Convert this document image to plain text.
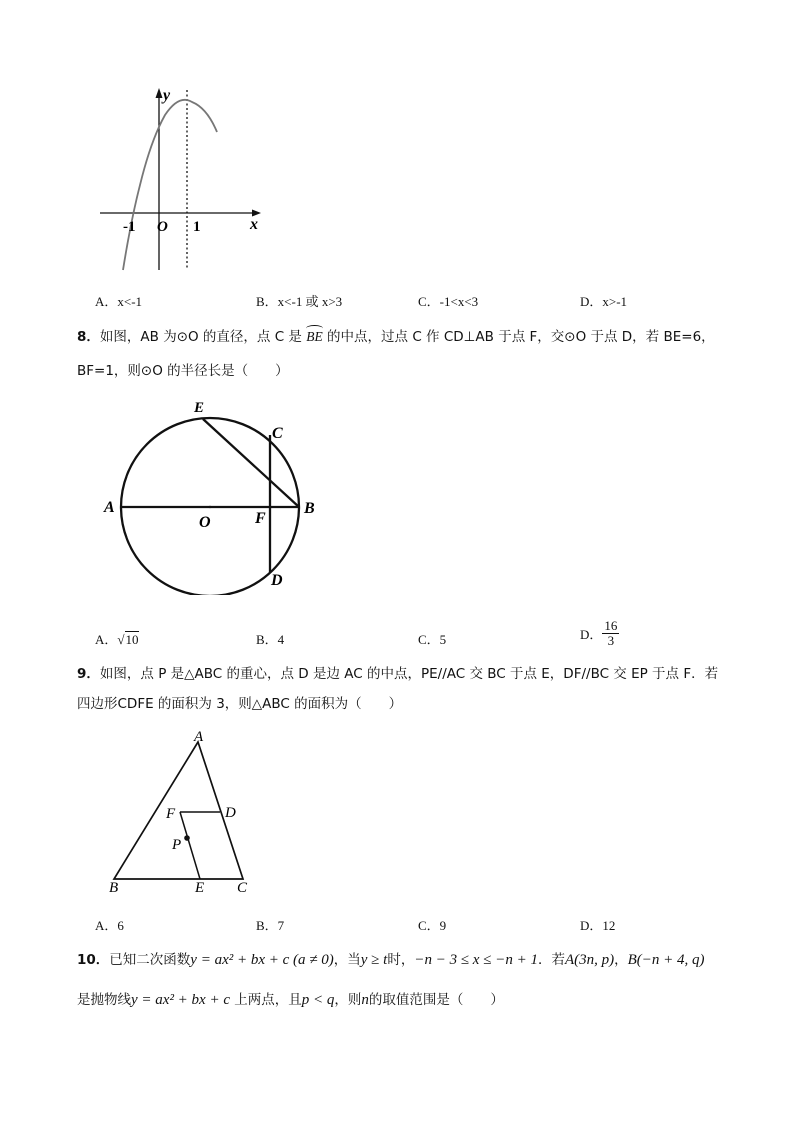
y
x
O
-1	1
A．x<-1	B．x<-1 或 x>3	C．-1<x<3	D．x>-1
8．如图，AB 为⊙O 的直径，点 C 是 BE 的中点，过点 C 作 CD⊥AB 于点 F，交⊙O 于点 D，若 BE=6，
BF=1，则⊙O 的半径长是（　　）
E
C
A
O	F
B
D
A．√10	B．4	C．5	D． $\frac{16}{3}$
9．如图，点 P 是△ABC 的重心，点 D 是边 AC 的中点，PE//AC 交 BC 于点 E，DF//BC 交 EP 于点 F．若
四边形CDFE 的面积为 3，则△ABC 的面积为（　　）
A
F	D
P
B	E C
A．6	B．7	C．9	D．12
10．已知二次函数y = ax² + bx + c (a ≠ 0)，当y ≥ t时，−n − 3 ≤ x ≤ −n + 1．若A(3n, p)，B(−n + 4, q)
是抛物线y = ax² + bx + c 上两点，且p < q，则n的取值范围是（　　）
